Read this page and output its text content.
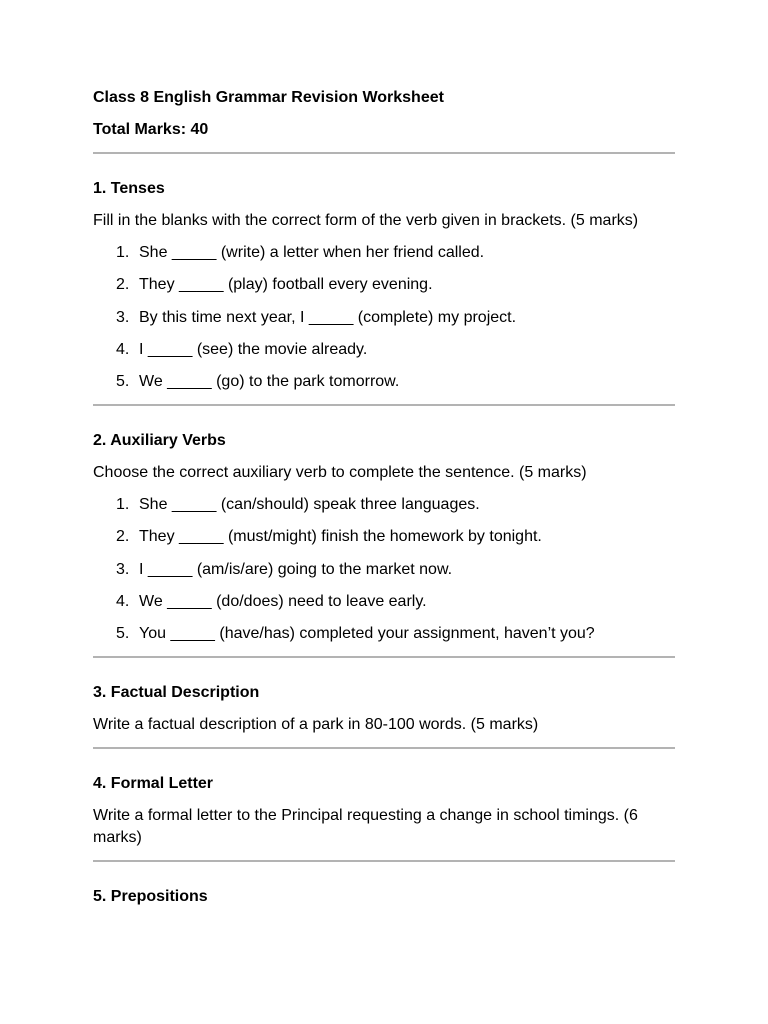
Class 8 English Grammar Revision Worksheet

Total Marks: 40

1. Tenses

Fill in the blanks with the correct form of the verb given in brackets. (5 marks)

1. She _____ (write) a letter when her friend called.
2. They _____ (play) football every evening.
3. By this time next year, I _____ (complete) my project.
4. I _____ (see) the movie already.
5. We _____ (go) to the park tomorrow.

2. Auxiliary Verbs

Choose the correct auxiliary verb to complete the sentence. (5 marks)

1. She _____ (can/should) speak three languages.
2. They _____ (must/might) finish the homework by tonight.
3. I _____ (am/is/are) going to the market now.
4. We _____ (do/does) need to leave early.
5. You _____ (have/has) completed your assignment, haven’t you?

3. Factual Description

Write a factual description of a park in 80-100 words. (5 marks)

4. Formal Letter

Write a formal letter to the Principal requesting a change in school timings. (6 marks)

5. Prepositions
